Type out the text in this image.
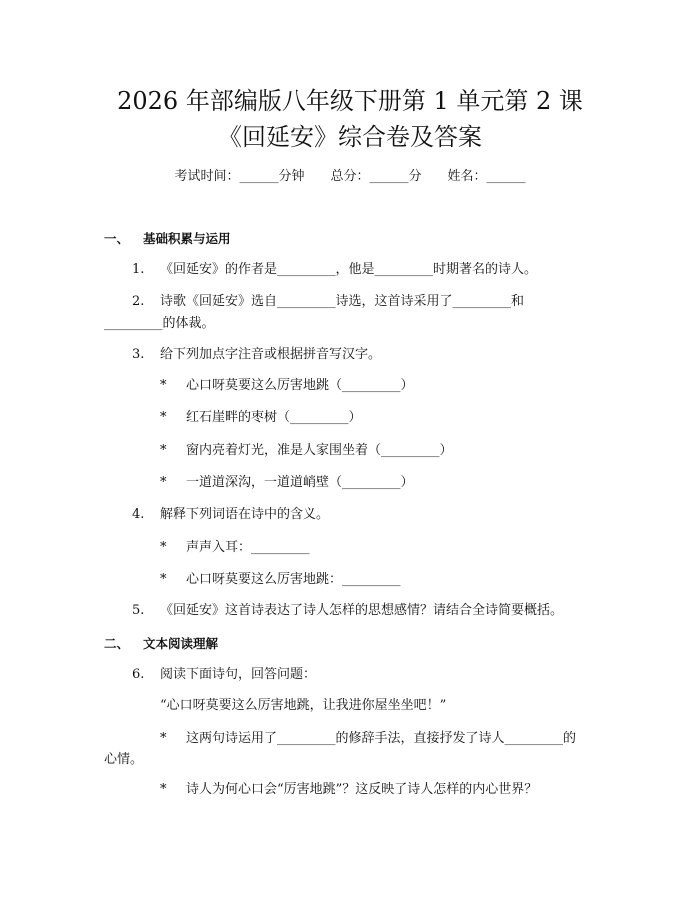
2026 年部编版八年级下册第 1 单元第 2 课
《回延安》综合卷及答案
考试时间：______分钟 总分：______分 姓名：______
一、 基础积累与运用
1. 《回延安》的作者是_________，他是_________时期著名的诗人。
2. 诗歌《回延安》选自_________诗选，这首诗采用了_________和
_________的体裁。
3. 给下列加点字注音或根据拼音写汉字。
* 心口呀莫要这么厉害地跳（_________）
* 红石崖畔的枣树（_________）
* 窗内亮着灯光，准是人家围坐着（_________）
* 一道道深沟，一道道峭壁（_________）
4. 解释下列词语在诗中的含义。
* 声声入耳：_________
* 心口呀莫要这么厉害地跳：_________
5. 《回延安》这首诗表达了诗人怎样的思想感情？请结合全诗简要概括。
二、 文本阅读理解
6. 阅读下面诗句，回答问题：
“心口呀莫要这么厉害地跳，让我进你屋坐坐吧！”
* 这两句诗运用了_________的修辞手法，直接抒发了诗人_________的
心情。
* 诗人为何心口会“厉害地跳”？这反映了诗人怎样的内心世界？
